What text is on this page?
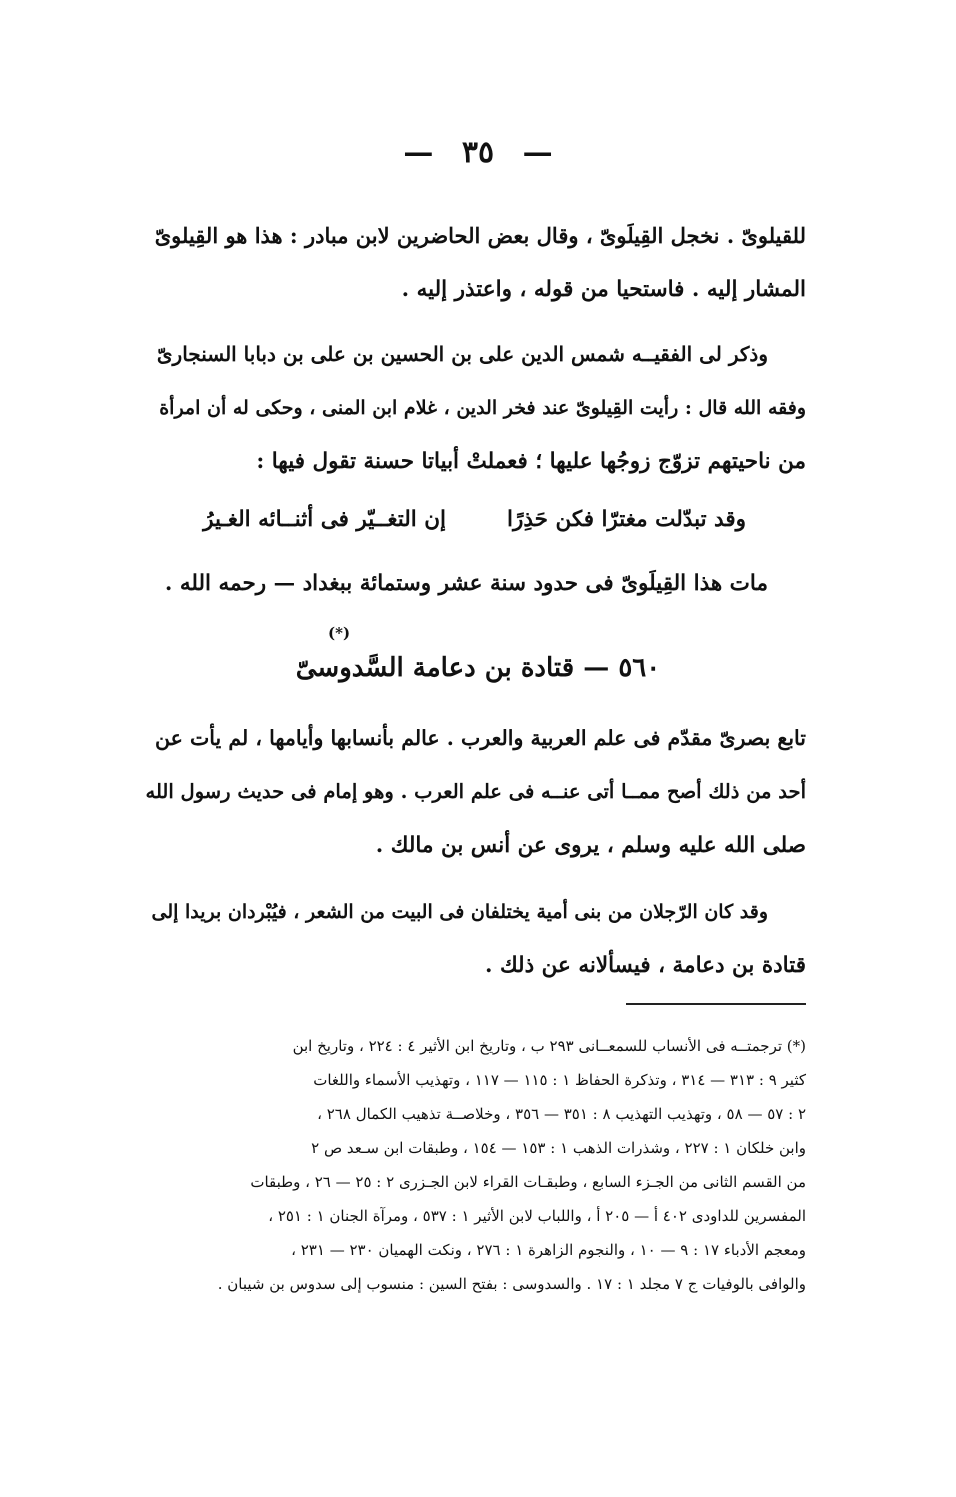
— ٣٥ —
للقيلوىّ . نخجل القِيلَوىّ ، وقال بعض الحاضرين لابن مبادر : هذا هو القِيلوىّ
المشار إليه . فاستحيا من قوله ، واعتذر إليه .
وذكر لى الفقيــه شمس الدين على بن الحسين بن على بن دبابا السنجارىّ
وفقه الله قال : رأيت القِيلوىّ عند فخر الدين ، غلام ابن المنى ، وحكى له أن امرأة
من ناحيتهم تزوّج زوجُها عليها ؛ فعملتْ أبياتا حسنة تقول فيها :
وقد تبدّلت مغترّا فكن حَذِرًا
إن التغــيّر فى أثنــائه الغـيرُ
مات هذا القِيلَوىّ فى حدود سنة عشر وستمائة ببغداد — رحمه الله .
(*)
٥٦٠ — قتادة بن دعامة السَّدوسىّ
تابع بصرىّ مقدّم فى علم العربية والعرب . عالم بأنسابها وأيامها ، لم يأت عن
أحد من ذلك أصح ممــا أتى عنــه فى علم العرب . وهو إمام فى حديث رسول الله
صلى الله عليه وسلم ، يروى عن أنس بن مالك .
وقد كان الرّجلان من بنى أمية يختلفان فى البيت من الشعر ، فيُبْردان بريدا إلى
قتادة بن دعامة ، فيسألانه عن ذلك .
(*) ترجمتــه فى الأنساب للسمعــانى ٢٩٣ ب ، وتاريخ ابن الأثير ٤ : ٢٢٤ ، وتاريخ ابن
كثير ٩ : ٣١٣ — ٣١٤ ، وتذكرة الحفاظ ١ : ١١٥ — ١١٧ ، وتهذيب الأسماء واللغات
٢ : ٥٧ — ٥٨ ، وتهذيب التهذيب ٨ : ٣٥١ — ٣٥٦ ، وخلاصــة تذهيب الكمال ٢٦٨ ،
وابن خلكان ١ : ٢٢٧ ، وشذرات الذهب ١ : ١٥٣ — ١٥٤ ، وطبقات ابن سـعد ص ٢
من القسم الثانى من الجـزء السابع ، وطبقـات القراء لابن الجـزرى ٢ : ٢٥ — ٢٦ ، وطبقات
المفسرين للداودى ٤٠٢ أ — ٢٠٥ أ ، واللباب لابن الأثير ١ : ٥٣٧ ، ومرآة الجنان ١ : ٢٥١ ،
ومعجم الأدباء ١٧ : ٩ — ١٠ ، والنجوم الزاهرة ١ : ٢٧٦ ، ونكت الهميان ٢٣٠ — ٢٣١ ،
والوافى بالوفيات ج ٧ مجلد ١ : ١٧ . والسدوسى : بفتح السين : منسوب إلى سدوس بن شيبان .
